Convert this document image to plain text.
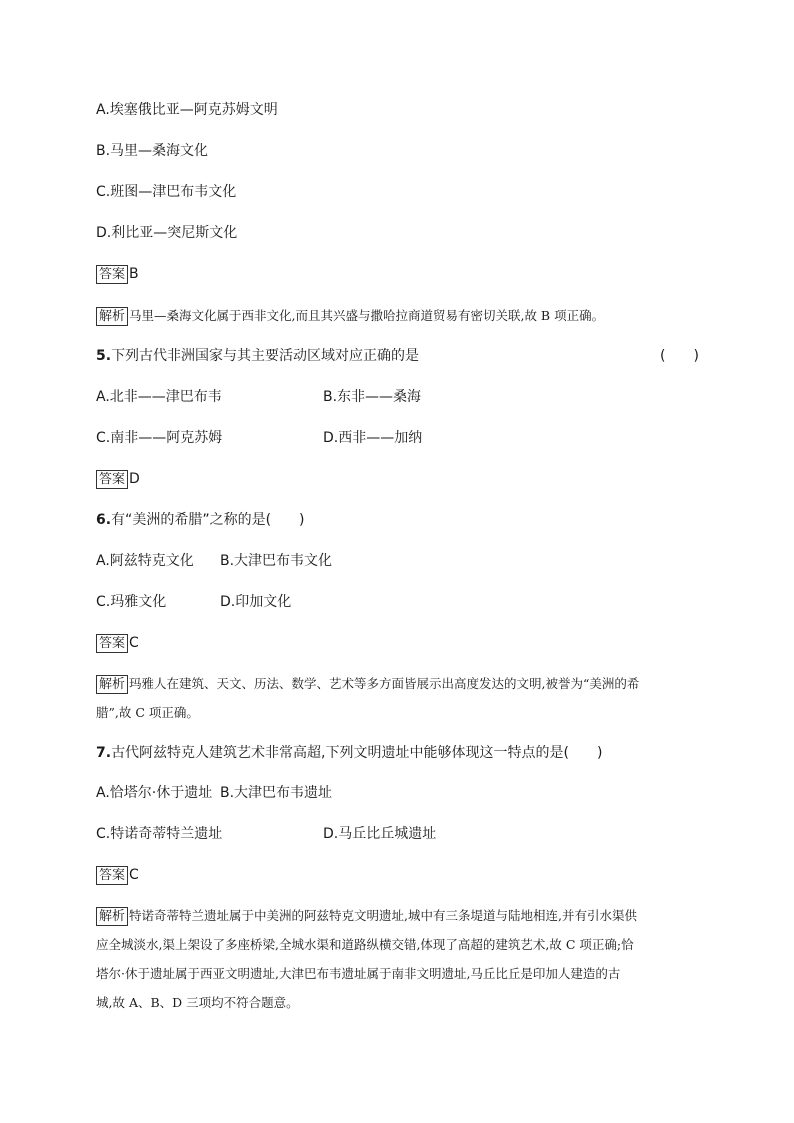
A.埃塞俄比亚—阿克苏姆文明
B.马里—桑海文化
C.班图—津巴布韦文化
D.利比亚—突尼斯文化
答案 B
解析 马里—桑海文化属于西非文化,而且其兴盛与撒哈拉商道贸易有密切关联,故 B 项正确。
5.下列古代非洲国家与其主要活动区域对应正确的是	(　　)
A.北非——津巴布韦	B.东非——桑海
C.南非——阿克苏姆	D.西非——加纳
答案 D
6.有“美洲的希腊”之称的是(　　)
A.阿兹特克文化 B.大津巴布韦文化
C.玛雅文化	D.印加文化
答案 C
解析 玛雅人在建筑、天文、历法、数学、艺术等多方面皆展示出高度发达的文明,被誉为“美洲的希
腊”,故 C 项正确。
7.古代阿兹特克人建筑艺术非常高超,下列文明遗址中能够体现这一特点的是(　　)
A.恰塔尔·休于遗址 B.大津巴布韦遗址
C.特诺奇蒂特兰遗址	D.马丘比丘城遗址
答案 C
解析 特诺奇蒂特兰遗址属于中美洲的阿兹特克文明遗址,城中有三条堤道与陆地相连,并有引水渠供
应全城淡水,渠上架设了多座桥梁,全城水渠和道路纵横交错,体现了高超的建筑艺术,故 C 项正确;恰
塔尔·休于遗址属于西亚文明遗址,大津巴布韦遗址属于南非文明遗址,马丘比丘是印加人建造的古
城,故 A、B、D 三项均不符合题意。
